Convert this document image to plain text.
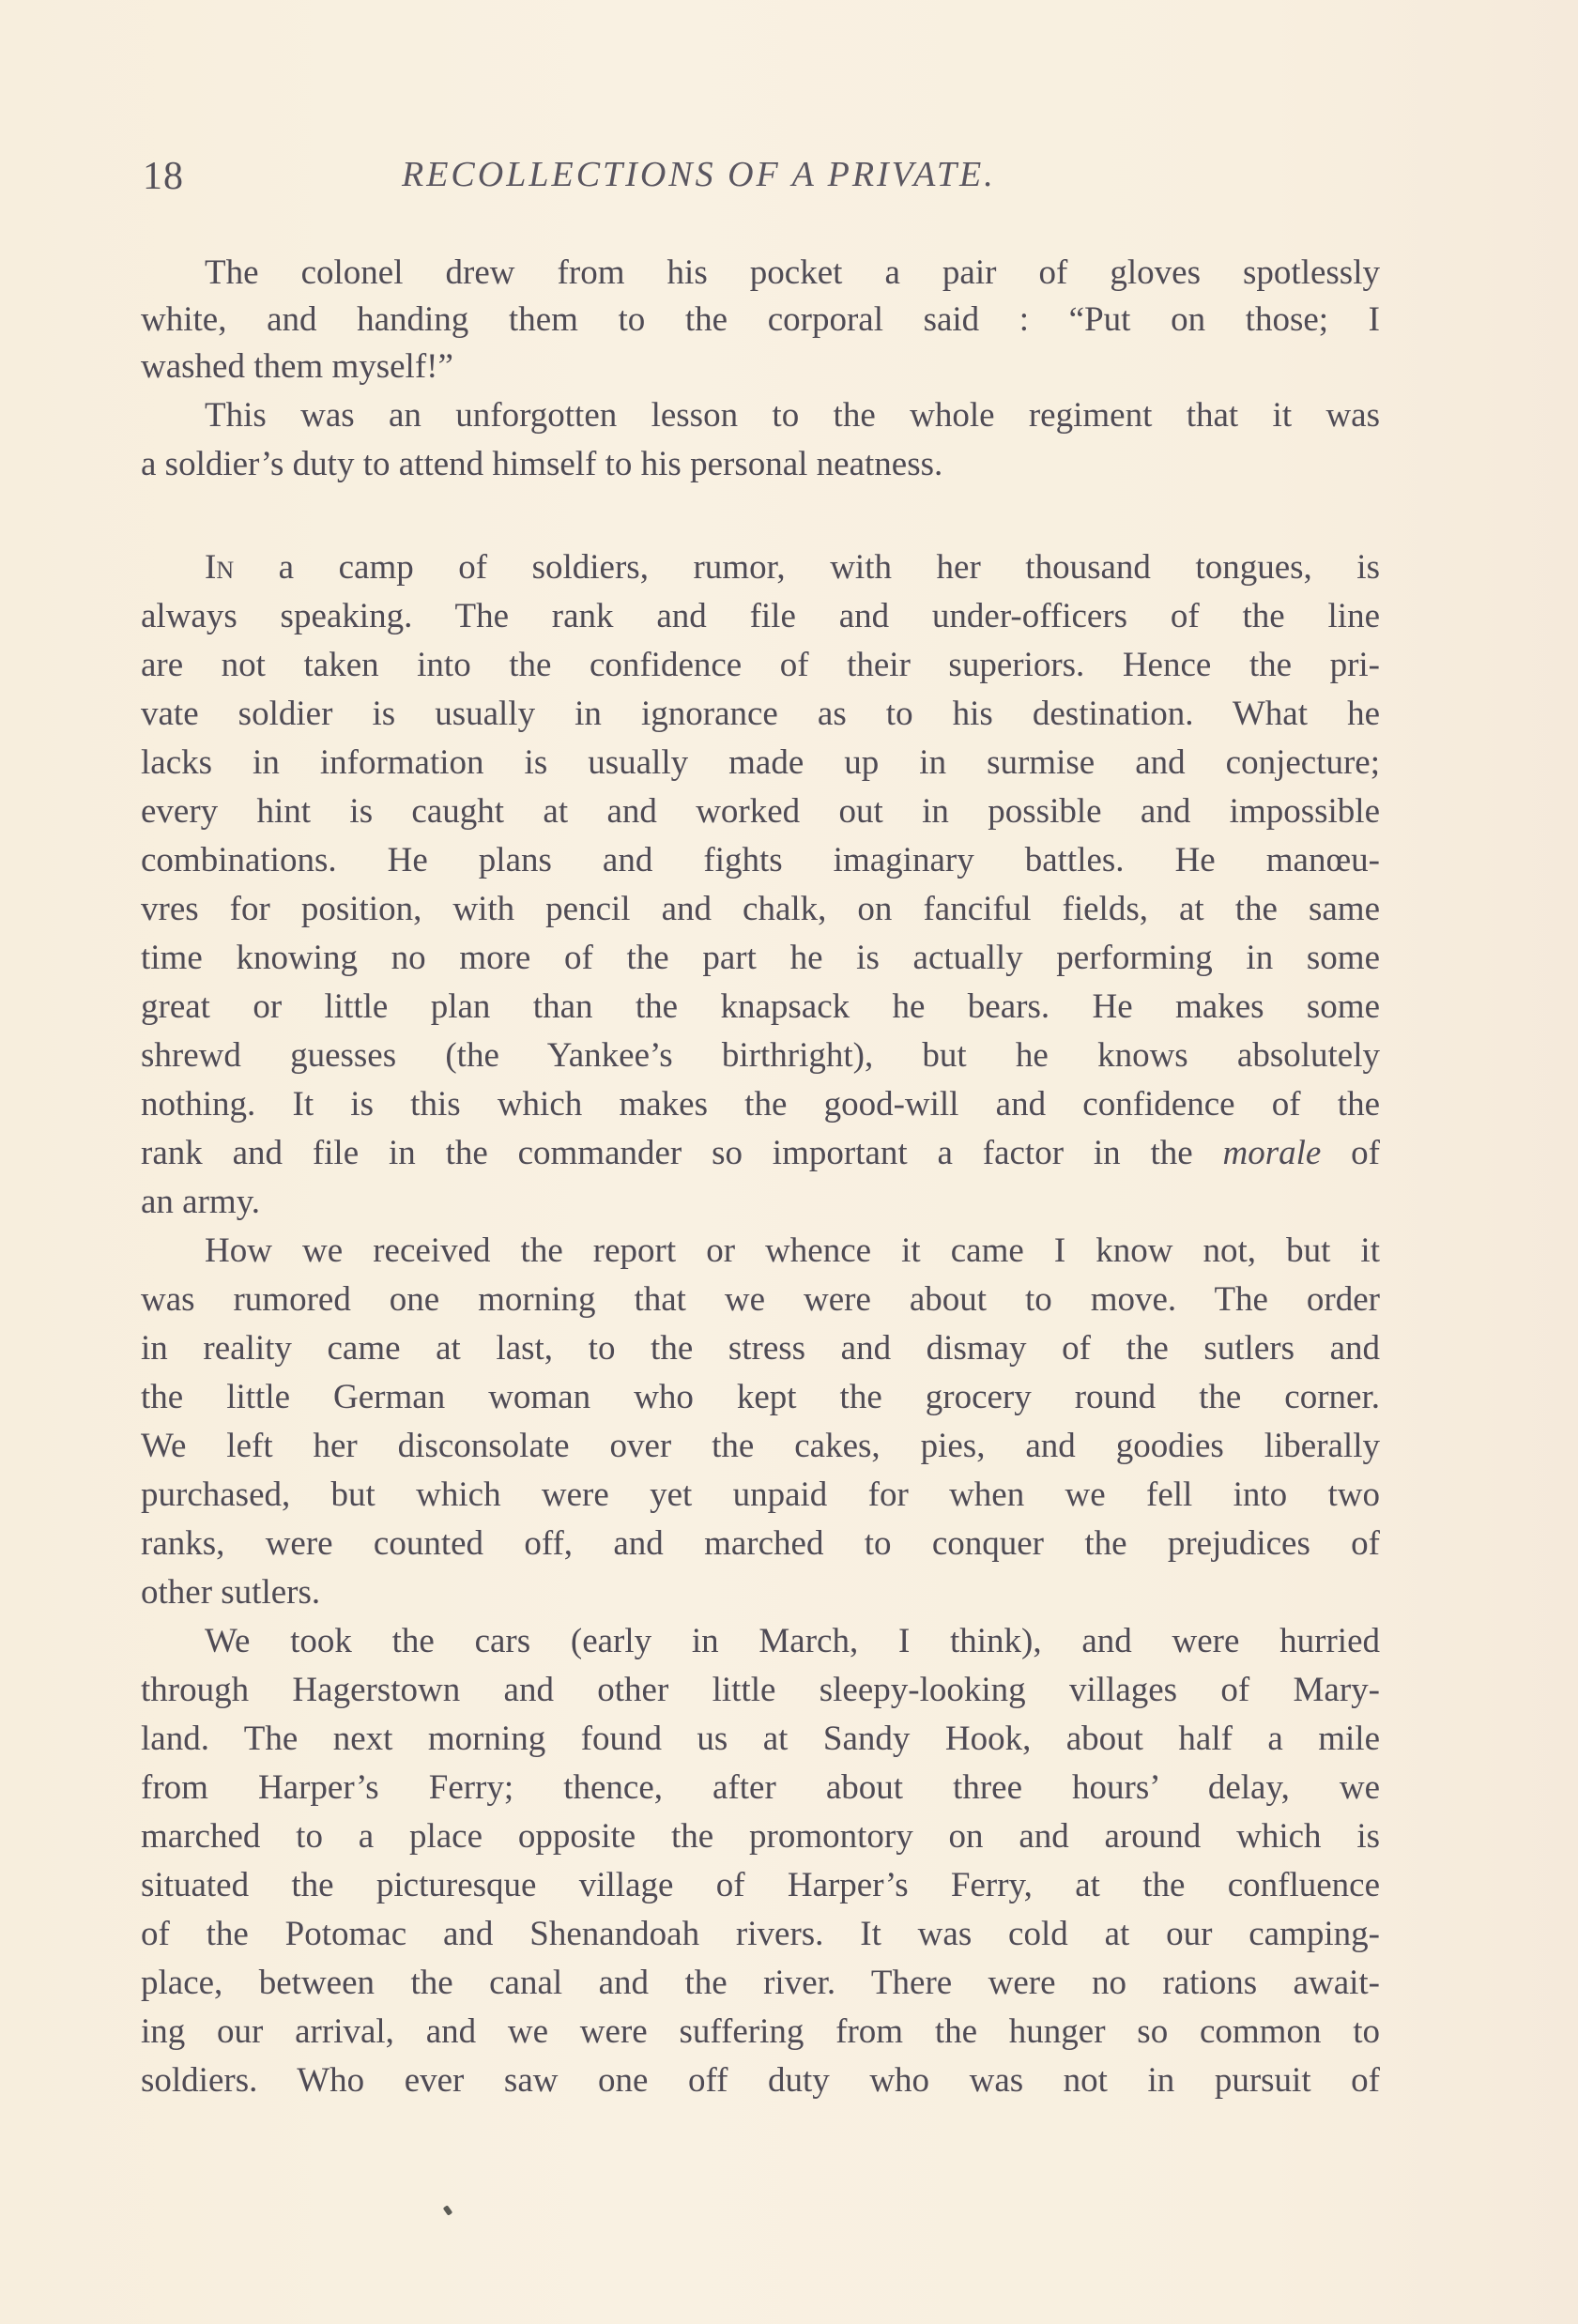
18	RECOLLECTIONS OF A PRIVATE.
The colonel drew from his pocket a pair of gloves spotlessly
white, and handing them to the corporal said : “Put on those; I
washed them myself!”
This was an unforgotten lesson to the whole regiment that it was
a soldier’s duty to attend himself to his personal neatness.
In a camp of soldiers, rumor, with her thousand tongues, is
always speaking. The rank and file and under-officers of the line
are not taken into the confidence of their superiors. Hence the pri-
vate soldier is usually in ignorance as to his destination. What he
lacks in information is usually made up in surmise and conjecture;
every hint is caught at and worked out in possible and impossible
combinations. He plans and fights imaginary battles. He manœu-
vres for position, with pencil and chalk, on fanciful fields, at the same
time knowing no more of the part he is actually performing in some
great or little plan than the knapsack he bears. He makes some
shrewd guesses (the Yankee’s birthright), but he knows absolutely
nothing. It is this which makes the good-will and confidence of the
rank and file in the commander so important a factor in the morale of
an army.
How we received the report or whence it came I know not, but it
was rumored one morning that we were about to move. The order
in reality came at last, to the stress and dismay of the sutlers and
the little German woman who kept the grocery round the corner.
We left her disconsolate over the cakes, pies, and goodies liberally
purchased, but which were yet unpaid for when we fell into two
ranks, were counted off, and marched to conquer the prejudices of
other sutlers.
We took the cars (early in March, I think), and were hurried
through Hagerstown and other little sleepy-looking villages of Mary-
land. The next morning found us at Sandy Hook, about half a mile
from Harper’s Ferry; thence, after about three hours’ delay, we
marched to a place opposite the promontory on and around which is
situated the picturesque village of Harper’s Ferry, at the confluence
of the Potomac and Shenandoah rivers. It was cold at our camping-
place, between the canal and the river. There were no rations await-
ing our arrival, and we were suffering from the hunger so common to
soldiers. Who ever saw one off duty who was not in pursuit of
